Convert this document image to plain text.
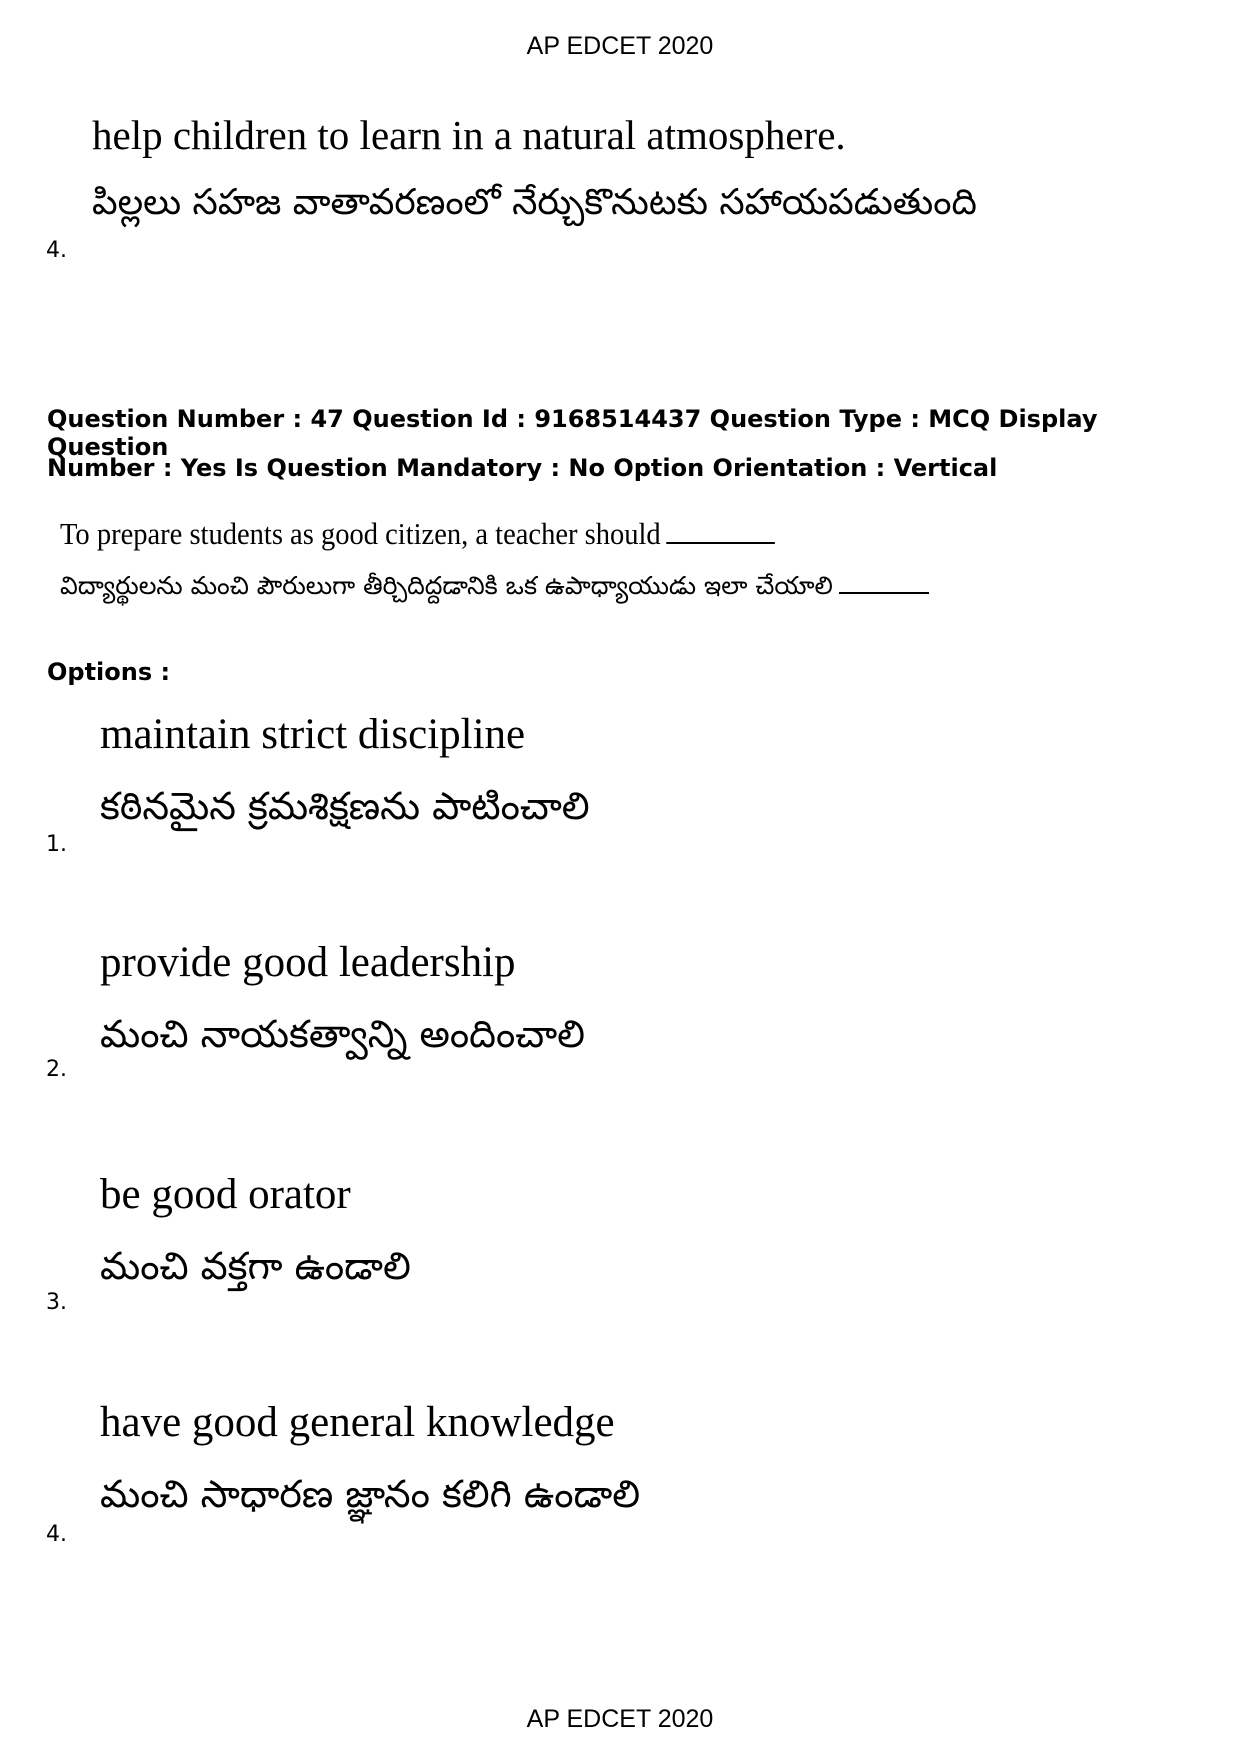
AP EDCET 2020
help children to learn in a natural atmosphere.
పిల్లలు సహజ వాతావరణంలో నేర్చుకొనుటకు సహాయపడుతుంది
4.
Question Number : 47 Question Id : 9168514437 Question Type : MCQ Display Question
Number : Yes Is Question Mandatory : No Option Orientation : Vertical
To prepare students as good citizen, a teacher should
విద్యార్థులను మంచి పౌరులుగా తీర్చిదిద్దడానికి ఒక ఉపాధ్యాయుడు ఇలా చేయాలి
Options :
maintain strict discipline
కఠినమైన క్రమశిక్షణను పాటించాలి
1.
provide good leadership
మంచి నాయకత్వాన్ని అందించాలి
2.
be good orator
మంచి వక్తగా ఉండాలి
3.
have good general knowledge
మంచి సాధారణ జ్ఞానం కలిగి ఉండాలి
4.
AP EDCET 2020
